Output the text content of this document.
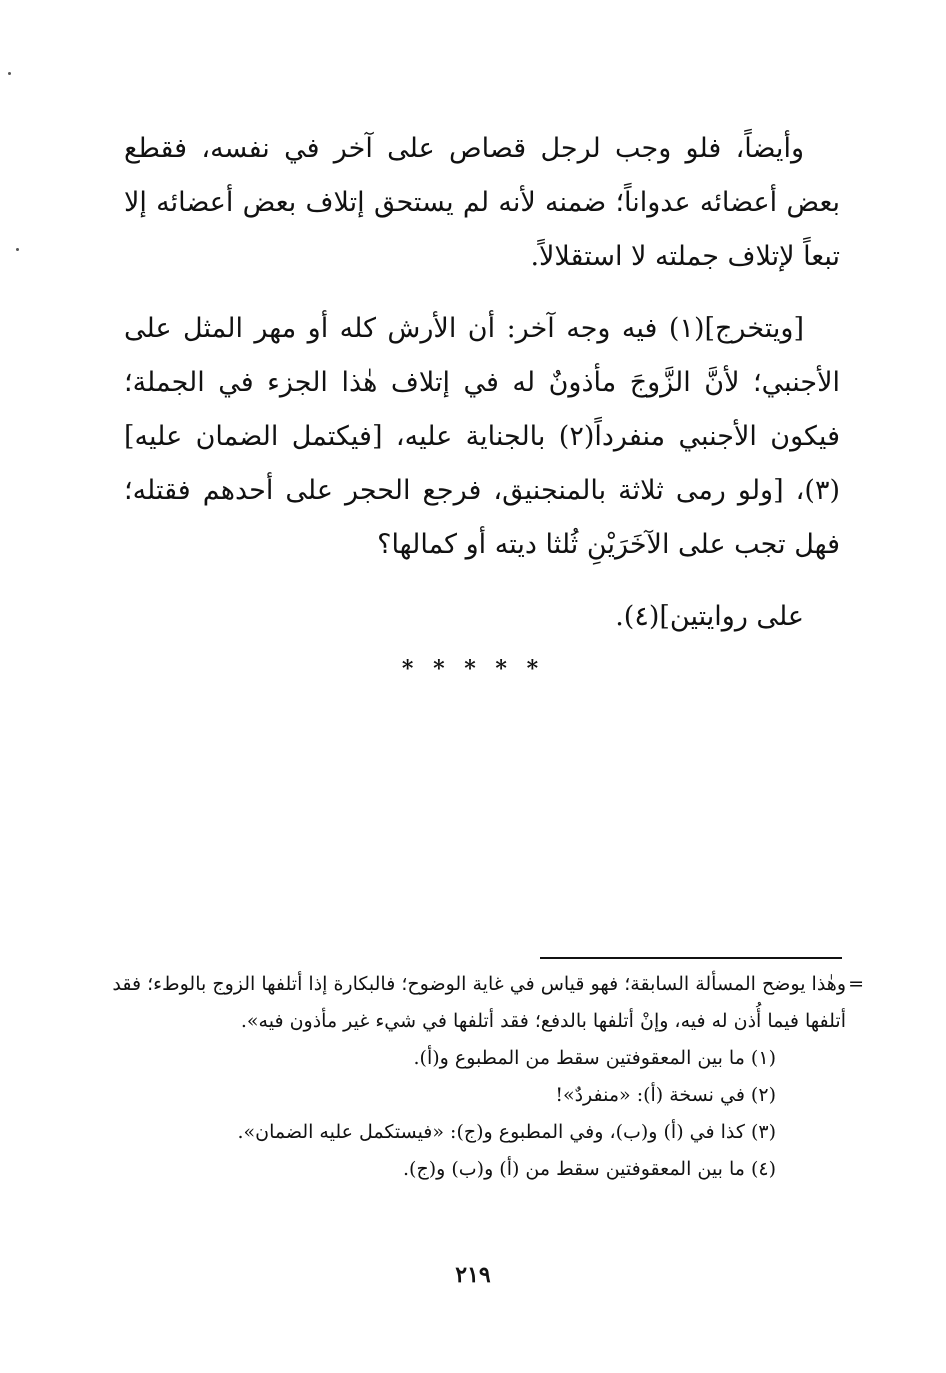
وأيضاً، فلو وجب لرجل قصاص على آخر في نفسه، فقطع بعض أعضائه عدواناً؛ ضمنه لأنه لم يستحق إتلاف بعض أعضائه إلا تبعاً لإتلاف جملته لا استقلالاً.

[ويتخرج](١) فيه وجه آخر: أن الأرش كله أو مهر المثل على الأجنبي؛ لأنَّ الزَّوجَ مأذونٌ له في إتلاف هٰذا الجزء في الجملة؛ فيكون الأجنبي منفرداً(٢) بالجناية عليه، [فيكتمل الضمان عليه](٣)، [ولو رمى ثلاثة بالمنجنيق، فرجع الحجر على أحدهم فقتله؛ فهل تجب على الآخَرَيْنِ ثُلثا ديته أو كمالها؟

على روايتين](٤).

* * * * *

=
وهٰذا يوضح المسألة السابقة؛ فهو قياس في غاية الوضوح؛ فالبكارة إذا أتلفها الزوج بالوطء؛ فقد أتلفها فيما أُذن له فيه، وإنْ أتلفها بالدفع؛ فقد أتلفها في شيء غير مأذون فيه».

(١) ما بين المعقوفتين سقط من المطبوع و(أ).

(٢) في نسخة (أ): «منفردٌ»!

(٣) كذا في (أ) و(ب)، وفي المطبوع و(ج): «فيستكمل عليه الضمان».

(٤) ما بين المعقوفتين سقط من (أ) و(ب) و(ج).

٢١٩
